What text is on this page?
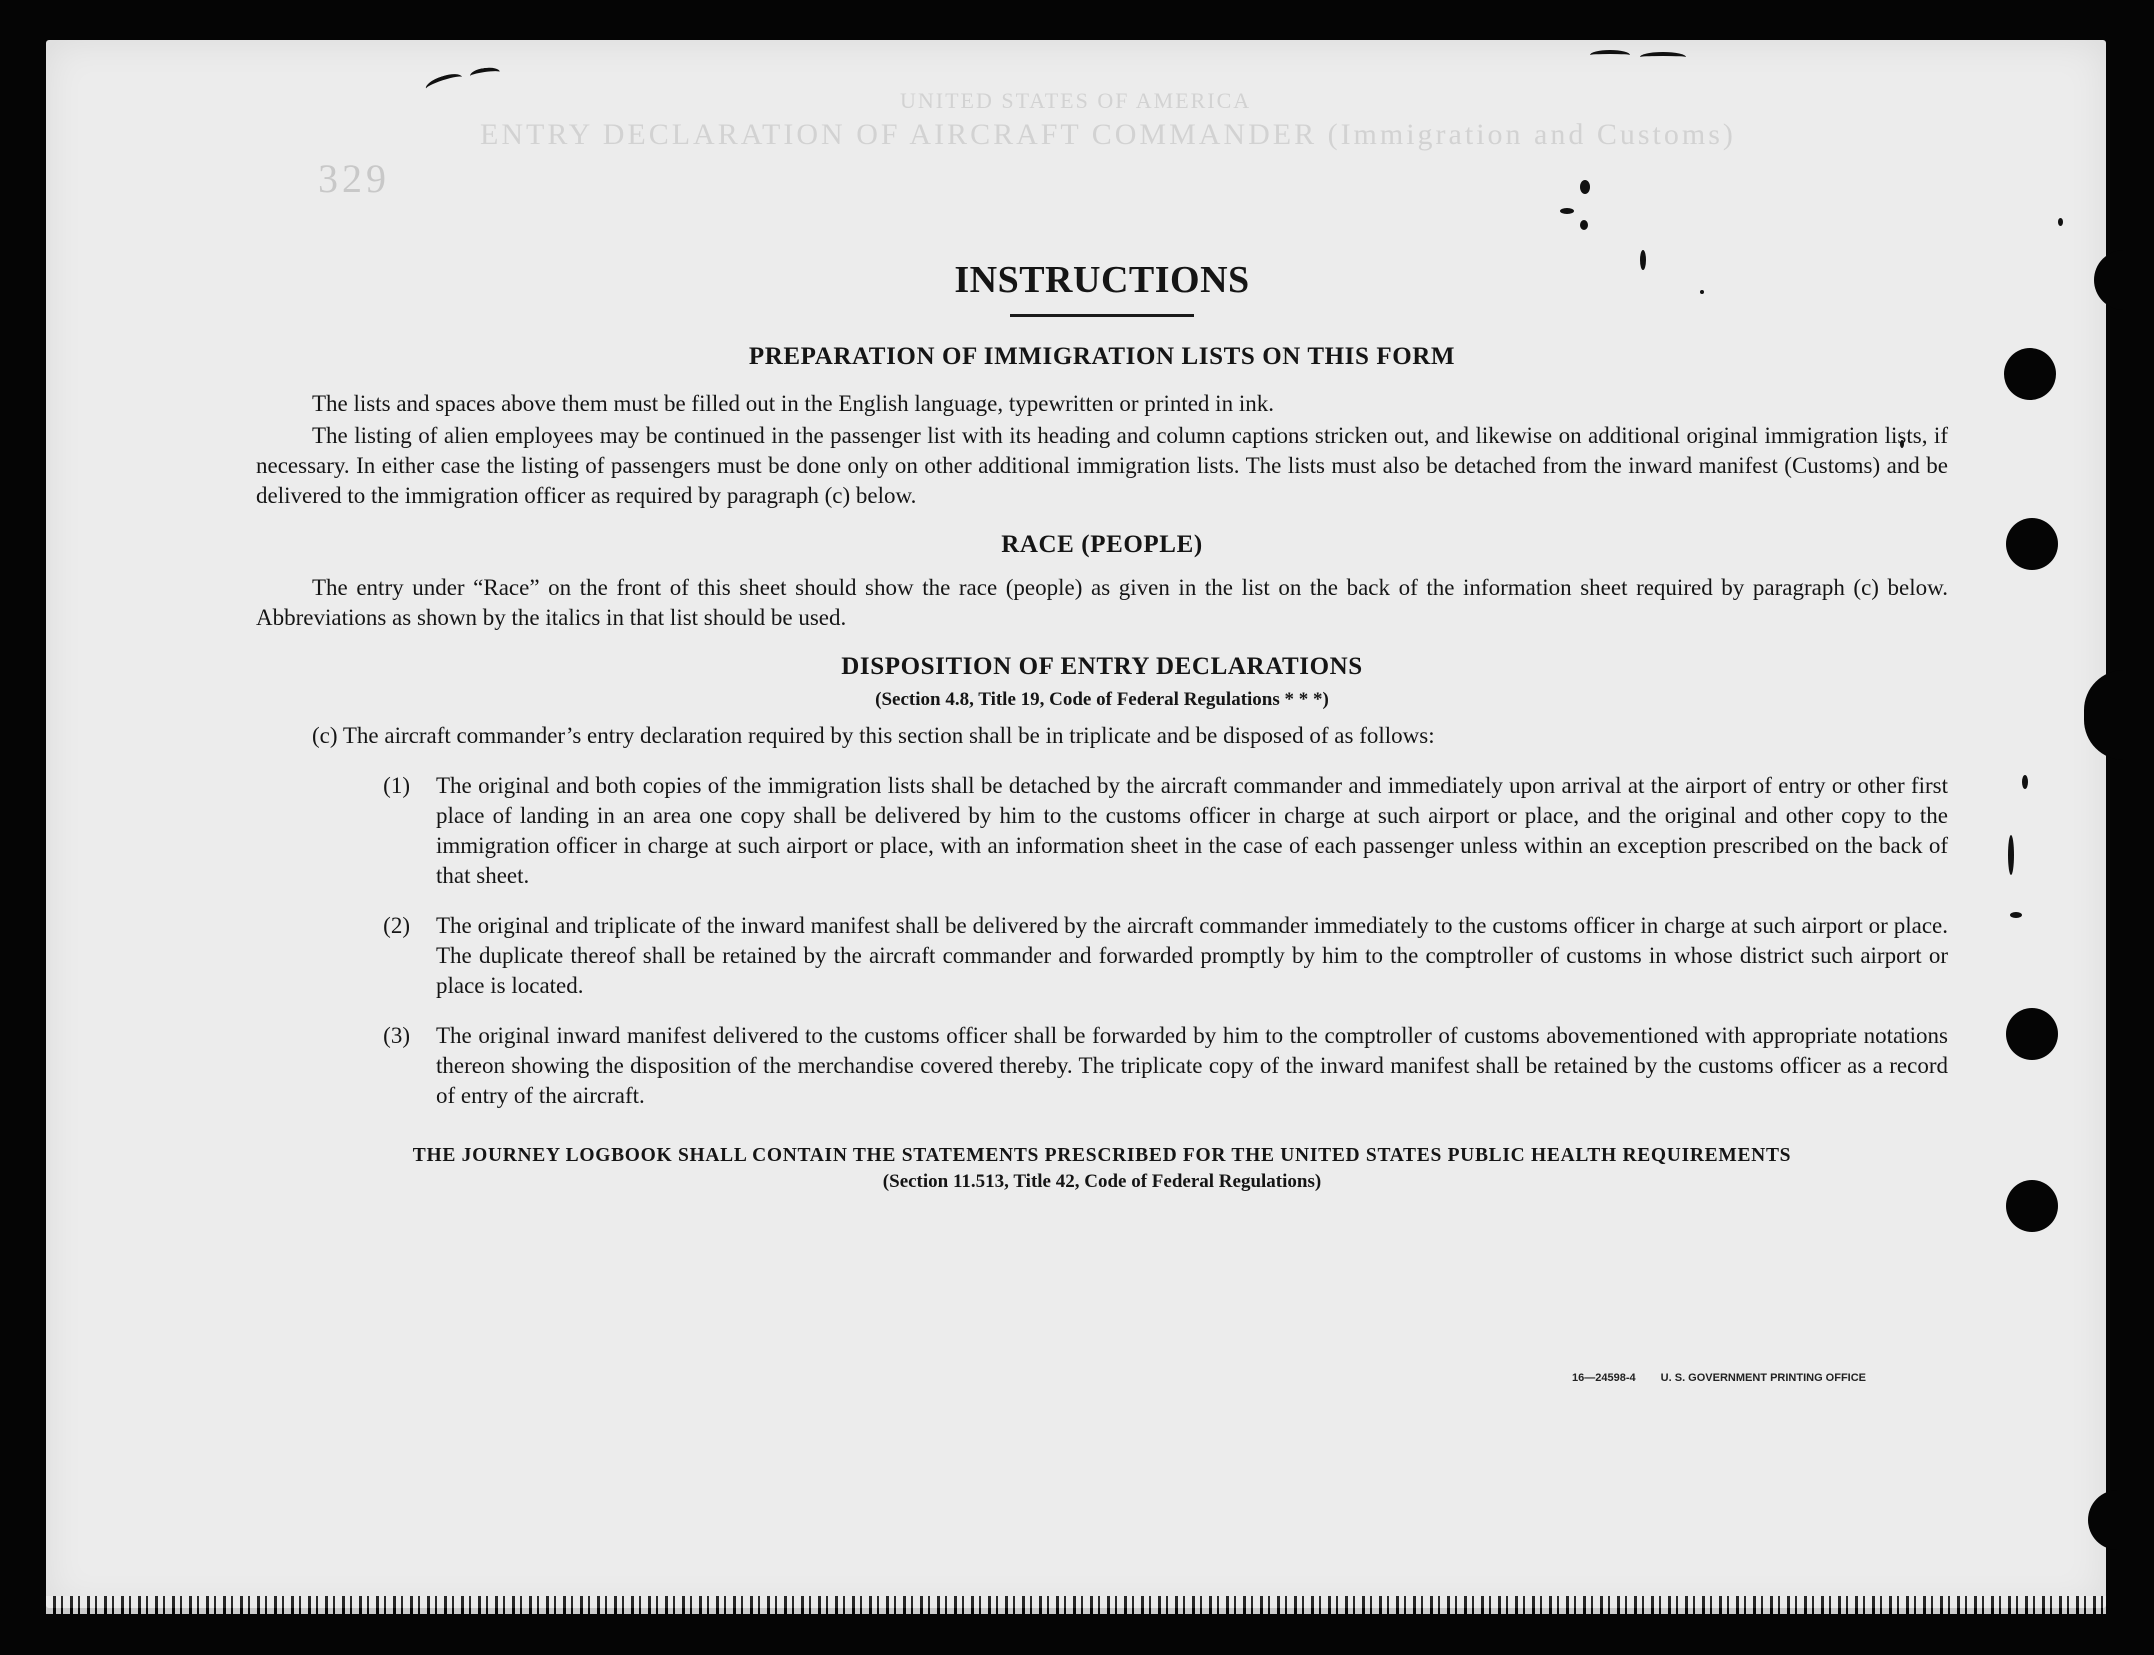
UNITED STATES OF AMERICA
ENTRY DECLARATION OF AIRCRAFT COMMANDER (Immigration and Customs)
329
INSTRUCTIONS
PREPARATION OF IMMIGRATION LISTS ON THIS FORM
The lists and spaces above them must be filled out in the English language, typewritten or printed in ink.
The listing of alien employees may be continued in the passenger list with its heading and column captions stricken out, and likewise on additional original immigration lists, if necessary. In either case the listing of passengers must be done only on other additional immigration lists. The lists must also be detached from the inward manifest (Customs) and be delivered to the immigration officer as required by paragraph (c) below.
RACE (PEOPLE)
The entry under “Race” on the front of this sheet should show the race (people) as given in the list on the back of the information sheet required by paragraph (c) below. Abbreviations as shown by the italics in that list should be used.
DISPOSITION OF ENTRY DECLARATIONS
(Section 4.8, Title 19, Code of Federal Regulations * * *)
(c) The aircraft commander’s entry declaration required by this section shall be in triplicate and be disposed of as follows:
(1) The original and both copies of the immigration lists shall be detached by the aircraft commander and immediately upon arrival at the airport of entry or other first place of landing in an area one copy shall be delivered by him to the customs officer in charge at such airport or place, and the original and other copy to the immigration officer in charge at such airport or place, with an information sheet in the case of each passenger unless within an exception prescribed on the back of that sheet.
(2) The original and triplicate of the inward manifest shall be delivered by the aircraft commander immediately to the customs officer in charge at such airport or place. The duplicate thereof shall be retained by the aircraft commander and forwarded promptly by him to the comptroller of customs in whose district such airport or place is located.
(3) The original inward manifest delivered to the customs officer shall be forwarded by him to the comptroller of customs abovementioned with appropriate notations thereon showing the disposition of the merchandise covered thereby. The triplicate copy of the inward manifest shall be retained by the customs officer as a record of entry of the aircraft.
THE JOURNEY LOGBOOK SHALL CONTAIN THE STATEMENTS PRESCRIBED FOR THE UNITED STATES PUBLIC HEALTH REQUIREMENTS
(Section 11.513, Title 42, Code of Federal Regulations)
16—24598-4 U. S. GOVERNMENT PRINTING OFFICE
